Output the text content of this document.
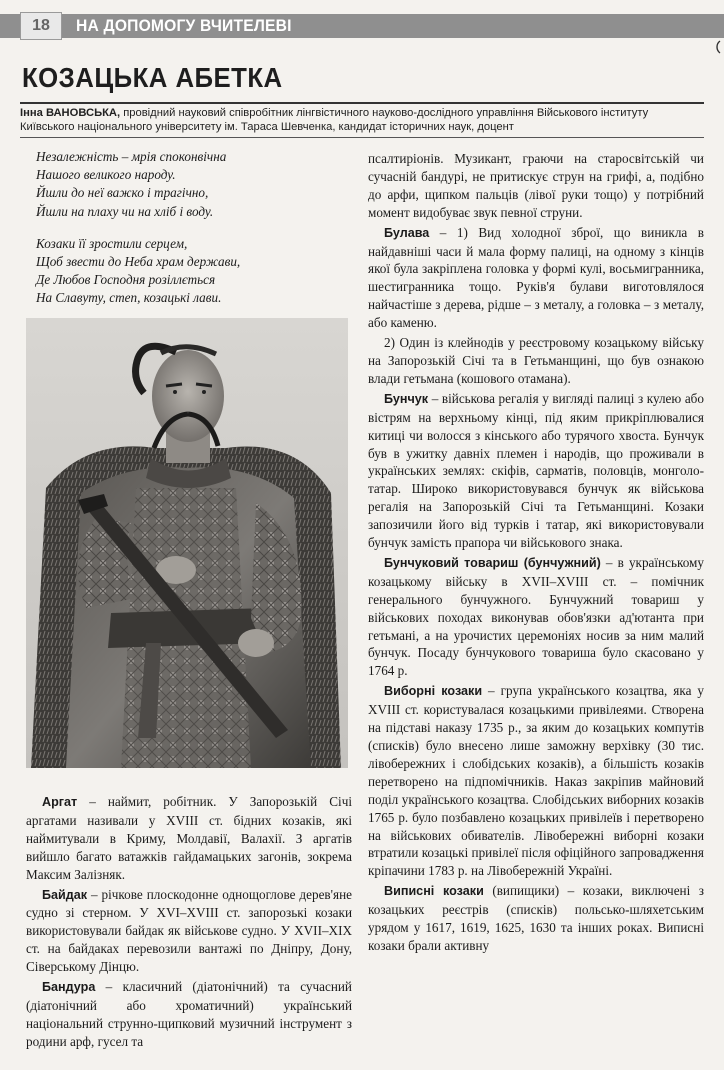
18	НА ДОПОМОГУ ВЧИТЕЛЕВІ
КОЗАЦЬКА АБЕТКА
Інна ВАНОВСЬКА, провідний науковий співробітник лінгвістичного науково-дослідного управління Військового інституту
Київського національного університету ім. Тараса Шевченка, кандидат історичних наук, доцент
Незалежність – мрія споконвічна
Нашого великого народу.
Йшли до неї важко і трагічно,
Йшли на плаху чи на хліб і воду.
Козаки її зростили серцем,
Щоб звести до Неба храм держави,
Де Любов Господня розіллється
На Славуту, степ, козацькі лави.

Аргат – наймит, робітник. У Запорозькій Січі аргатами називали у XVIII ст. бідних козаків, які наймитували в Криму, Молдавії, Валахії. З аргатів вийшло багато ватажків гайдамацьких загонів, зокрема Максим Залізняк.

Байдак – річкове плоскодонне однощоглове дерев'яне судно зі стерном. У XVI–XVIII ст. запорозькі козаки використовували байдак як військове судно. У XVII–XIX ст. на байдаках перевозили вантажі по Дніпру, Дону, Сіверському Дінцю.

Бандура – класичний (діатонічний) та сучасний (діатонічний або хроматичний) український національний струнно-щипковий музичний інструмент з родини арф, гусел та

псалтиріонів. Музикант, граючи на старосвітській чи сучасній бандурі, не притискує струн на грифі, а, подібно до арфи, щипком пальців (лівої руки тощо) у потрібний момент видобуває звук певної струни.

Булава – 1) Вид холодної зброї, що виникла в найдавніші часи й мала форму палиці, на одному з кінців якої була закріплена головка у формі кулі, восьмигранника, шестигранника тощо. Руків'я булави виготовлялося найчастіше з дерева, рідше – з металу, а головка – з металу, або каменю.

2) Один із клейнодів у реєстровому козацькому війську на Запорозькій Січі та в Гетьманщині, що був ознакою влади гетьмана (кошового отамана).

Бунчук – військова регалія у вигляді палиці з кулею або вістрям на верхньому кінці, під яким прикріплювалися китиці чи волосся з кінського або турячого хвоста. Бунчук був в ужитку давніх племен і народів, що проживали в українських землях: скіфів, сарматів, половців, монголо-татар. Широко використовувався бунчук як військова регалія на Запорозькій Січі та Гетьманщині. Козаки запозичили його від турків і татар, які використовували бунчук замість прапора чи військового знака.

Бунчуковий товариш (бунчужний) – в українському козацькому війську в XVII–XVIII ст. – помічник генерального бунчужного. Бунчужний товариш у військових походах виконував обов'язки ад'ютанта при гетьмані, а на урочистих церемоніях носив за ним малий бунчук. Посаду бунчукового товариша було скасовано у 1764 р.

Виборні козаки – група українського козацтва, яка у XVIII ст. користувалася козацькими привілеями. Створена на підставі наказу 1735 р., за яким до козацьких компутів (списків) було внесено лише заможну верхівку (30 тис. лівобережних і слобідських козаків), а більшість козаків перетворено на підпомічників. Наказ закріпив майновий поділ українського козацтва. Слобідських виборних козаків 1765 р. було позбавлено козацьких привілеїв і перетворено на військових обивателів. Лівобережні виборні козаки втратили козацькі привілеї після офіційного запровадження кріпачини 1783 р. на Лівобережній Україні.

Виписні козаки (випищики) – козаки, виключені з козацьких реєстрів (списків) польсько-шляхетським урядом у 1617, 1619, 1625, 1630 та інших роках. Виписні козаки брали активну
